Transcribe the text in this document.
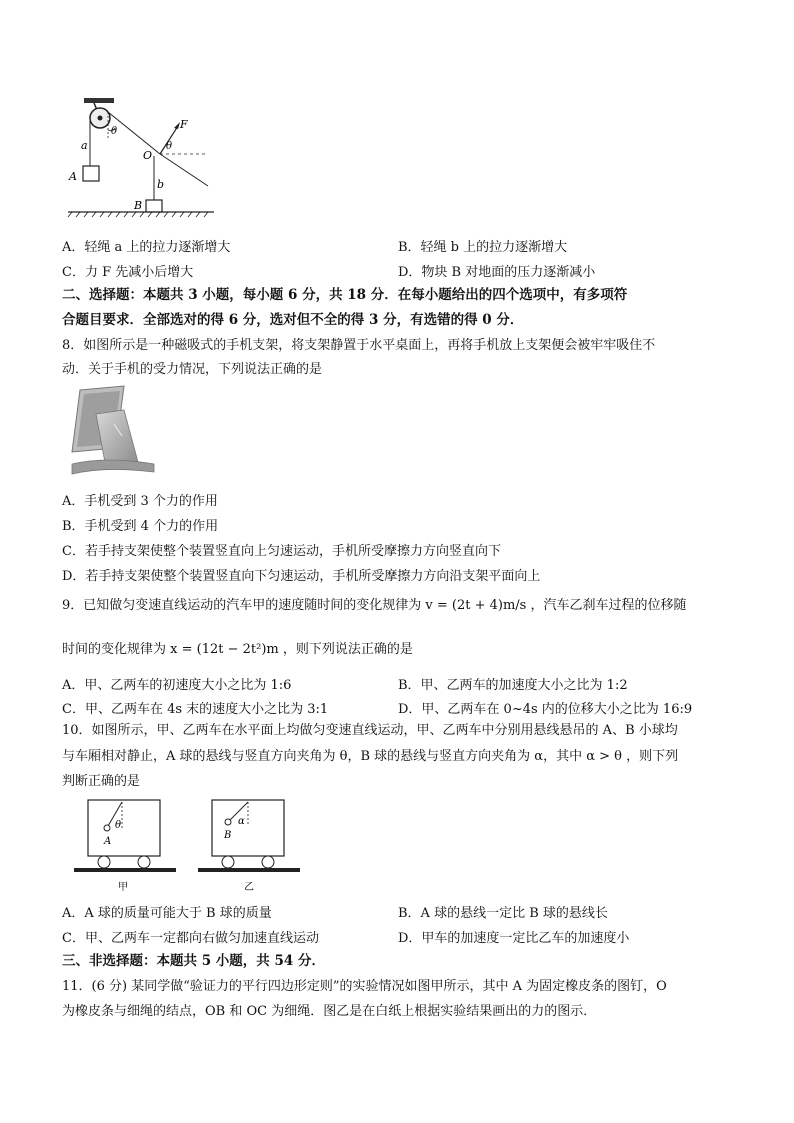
a
A
θ
O
F
θ
b
B
A．轻绳 a 上的拉力逐渐增大	B．轻绳 b 上的拉力逐渐增大
C．力 F 先减小后增大	D．物块 B 对地面的压力逐渐减小
二、选择题：本题共 3 小题，每小题 6 分，共 18 分．在每小题给出的四个选项中，有多项符
合题目要求．全部选对的得 6 分，选对但不全的得 3 分，有选错的得 0 分．
8．如图所示是一种磁吸式的手机支架，将支架静置于水平桌面上，再将手机放上支架便会被牢牢吸住不
动．关于手机的受力情况，下列说法正确的是
A．手机受到 3 个力的作用
B．手机受到 4 个力的作用
C．若手持支架使整个装置竖直向上匀速运动，手机所受摩擦力方向竖直向下
D．若手持支架使整个装置竖直向下匀速运动，手机所受摩擦力方向沿支架平面向上
9．已知做匀变速直线运动的汽车甲的速度随时间的变化规律为 v = (2t + 4)m/s ，汽车乙刹车过程的位移随
时间的变化规律为 x = (12t − 2t²)m ，则下列说法正确的是
A．甲、乙两车的初速度大小之比为 1:6	B．甲、乙两车的加速度大小之比为 1:2
C．甲、乙两车在 4s 末的速度大小之比为 3:1	D．甲、乙两车在 0~4s 内的位移大小之比为 16:9
10．如图所示，甲、乙两车在水平面上均做匀变速直线运动，甲、乙两车中分别用悬线悬吊的 A、B 小球均
与车厢相对静止，A 球的悬线与竖直方向夹角为 θ，B 球的悬线与竖直方向夹角为 α，其中 α > θ ，则下列
判断正确的是
θ
A
甲
α
B
乙
A．A 球的质量可能大于 B 球的质量	B．A 球的悬线一定比 B 球的悬线长
C．甲、乙两车一定都向右做匀加速直线运动	D．甲车的加速度一定比乙车的加速度小
三、非选择题：本题共 5 小题，共 54 分．
11．(6 分) 某同学做“验证力的平行四边形定则”的实验情况如图甲所示，其中 A 为固定橡皮条的图钉，O
为橡皮条与细绳的结点，OB 和 OC 为细绳．图乙是在白纸上根据实验结果画出的力的图示．
